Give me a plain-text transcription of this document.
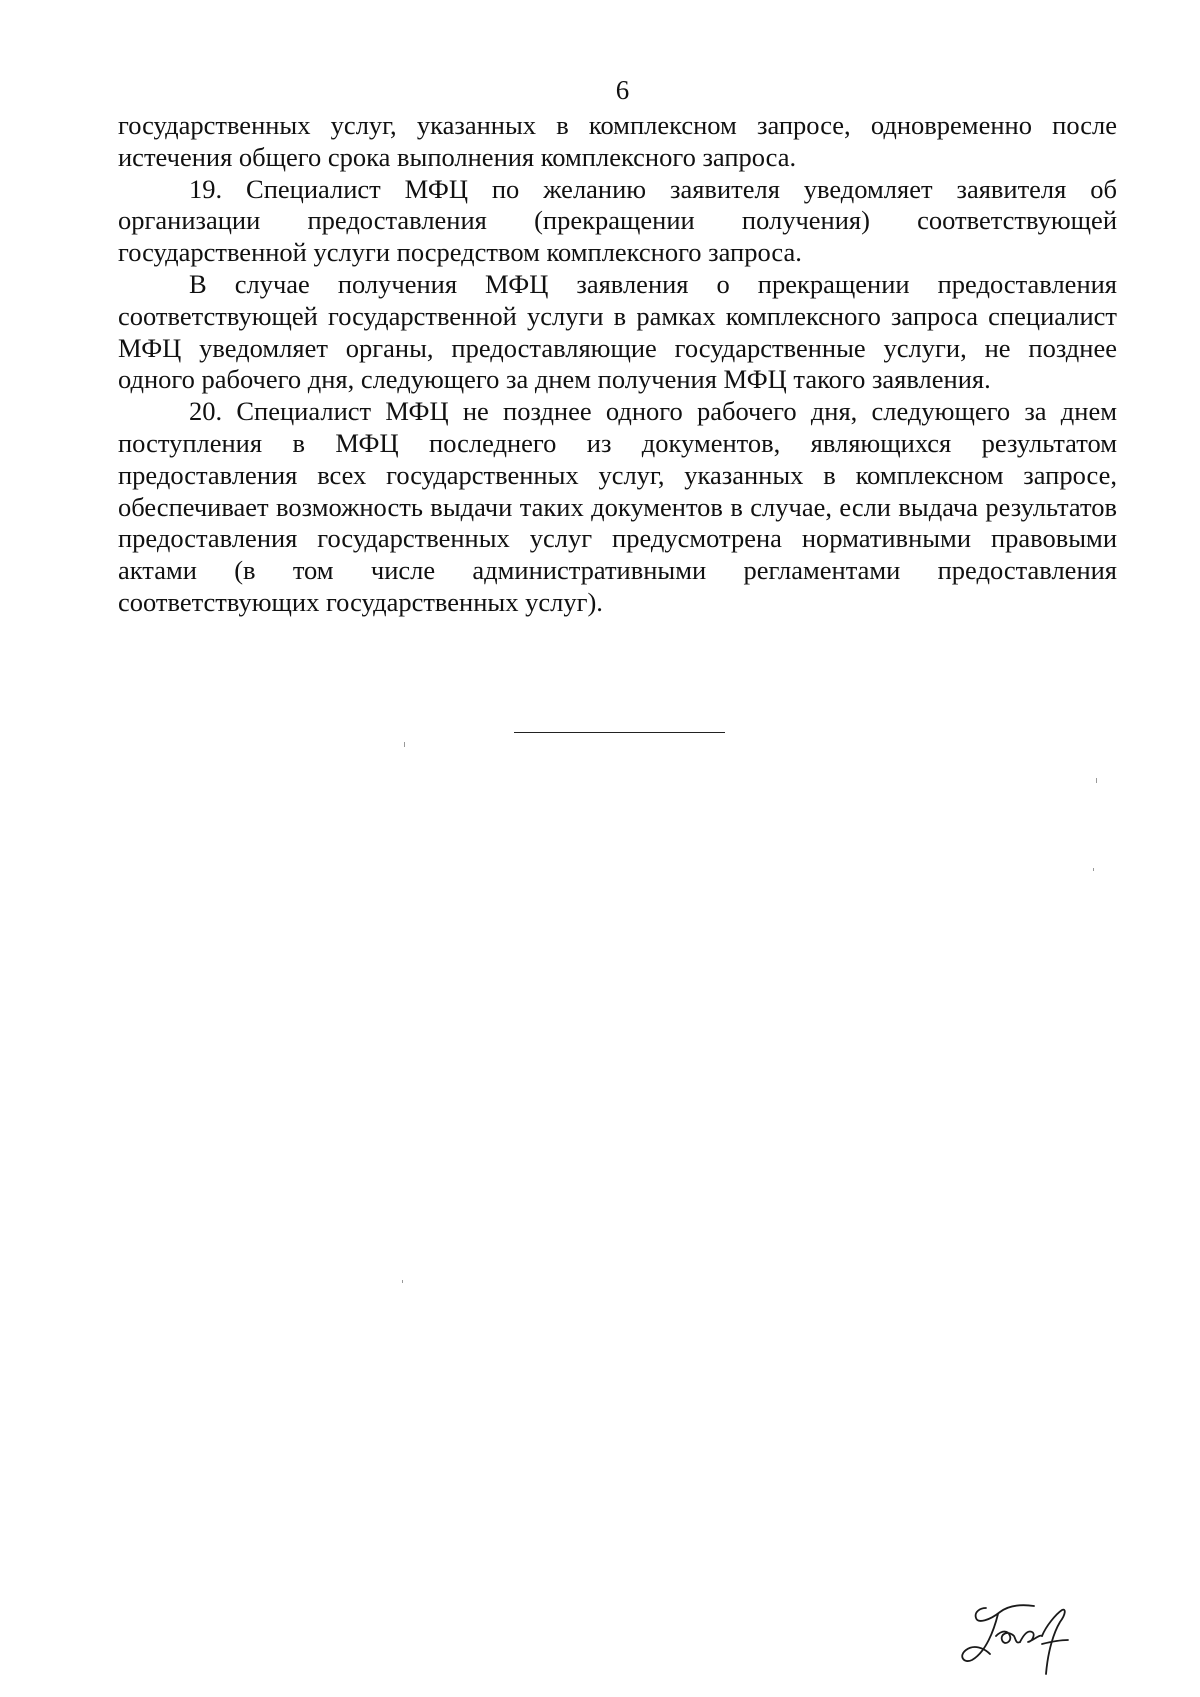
6

государственных услуг, указанных в комплексном запросе, одновременно после истечения общего срока выполнения комплексного запроса.

19. Специалист МФЦ по желанию заявителя уведомляет заявителя об организации предоставления (прекращении получения) соответствующей государственной услуги посредством комплексного запроса.

В случае получения МФЦ заявления о прекращении предоставления соответствующей государственной услуги в рамках комплексного запроса специалист МФЦ уведомляет органы, предоставляющие государственные услуги, не позднее одного рабочего дня, следующего за днем получения МФЦ такого заявления.

20. Специалист МФЦ не позднее одного рабочего дня, следующего за днем поступления в МФЦ последнего из документов, являющихся результатом предоставления всех государственных услуг, указанных в комплексном запросе, обеспечивает возможность выдачи таких документов в случае, если выдача результатов предоставления государственных услуг предусмотрена нормативными правовыми актами (в том числе административными регламентами предоставления соответствующих государственных услуг).
